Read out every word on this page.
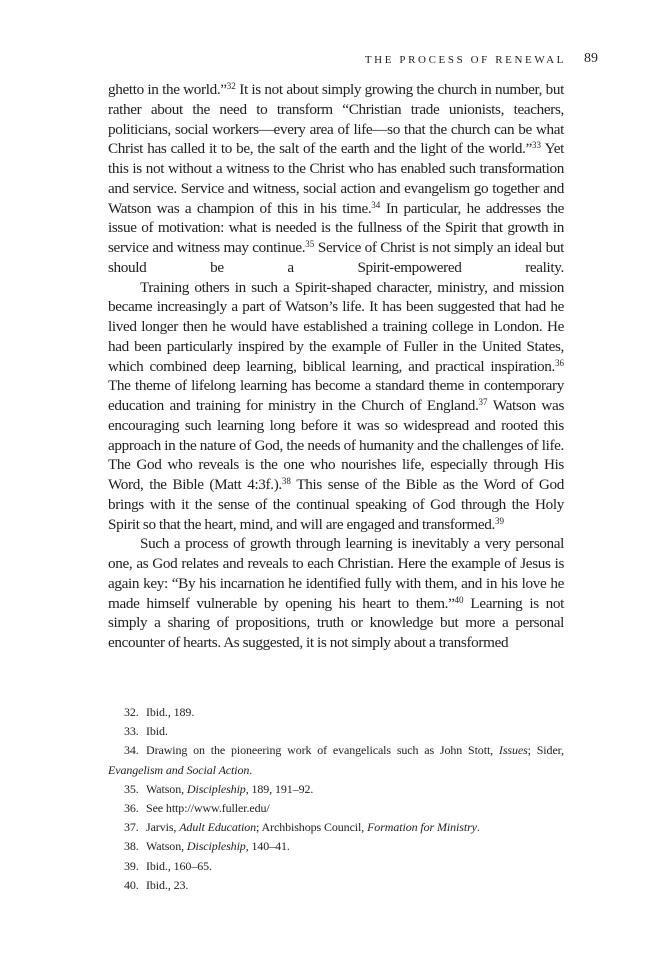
THE PROCESS OF RENEWAL 89

ghetto in the world.”$^{32}$ It is not about simply growing the church in number, but rather about the need to transform “Christian trade unionists, teachers, politicians, social workers—every area of life—so that the church can be what Christ has called it to be, the salt of the earth and the light of the world.”$^{33}$ Yet this is not without a witness to the Christ who has enabled such transformation and service. Service and witness, social action and evangelism go together and Watson was a champion of this in his time.$^{34}$ In particular, he addresses the issue of motivation: what is needed is the fullness of the Spirit that growth in service and witness may continue.$^{35}$ Service of Christ is not simply an ideal but should be a Spirit-empowered reality.

Training others in such a Spirit-shaped character, ministry, and mission became increasingly a part of Watson’s life. It has been suggested that had he lived longer then he would have established a training college in London. He had been particularly inspired by the example of Fuller in the United States, which combined deep learning, biblical learning, and practical inspiration.$^{36}$ The theme of lifelong learning has become a standard theme in contemporary education and training for ministry in the Church of England.$^{37}$ Watson was encouraging such learning long before it was so widespread and rooted this approach in the nature of God, the needs of humanity and the challenges of life. The God who reveals is the one who nourishes life, especially through His Word, the Bible (Matt 4:3f.).$^{38}$ This sense of the Bible as the Word of God brings with it the sense of the continual speaking of God through the Holy Spirit so that the heart, mind, and will are engaged and transformed.$^{39}$

Such a process of growth through learning is inevitably a very personal one, as God relates and reveals to each Christian. Here the example of Jesus is again key: “By his incarnation he identified fully with them, and in his love he made himself vulnerable by opening his heart to them.”$^{40}$ Learning is not simply a sharing of propositions, truth or knowledge but more a personal encounter of hearts. As suggested, it is not simply about a transformed

32. Ibid., 189.

33. Ibid.

34. Drawing on the pioneering work of evangelicals such as John Stott, Issues; Sider, Evangelism and Social Action.

35. Watson, Discipleship, 189, 191–92.

36. See http://www.fuller.edu/

37. Jarvis, Adult Education; Archbishops Council, Formation for Ministry.

38. Watson, Discipleship, 140–41.

39. Ibid., 160–65.

40. Ibid., 23.
